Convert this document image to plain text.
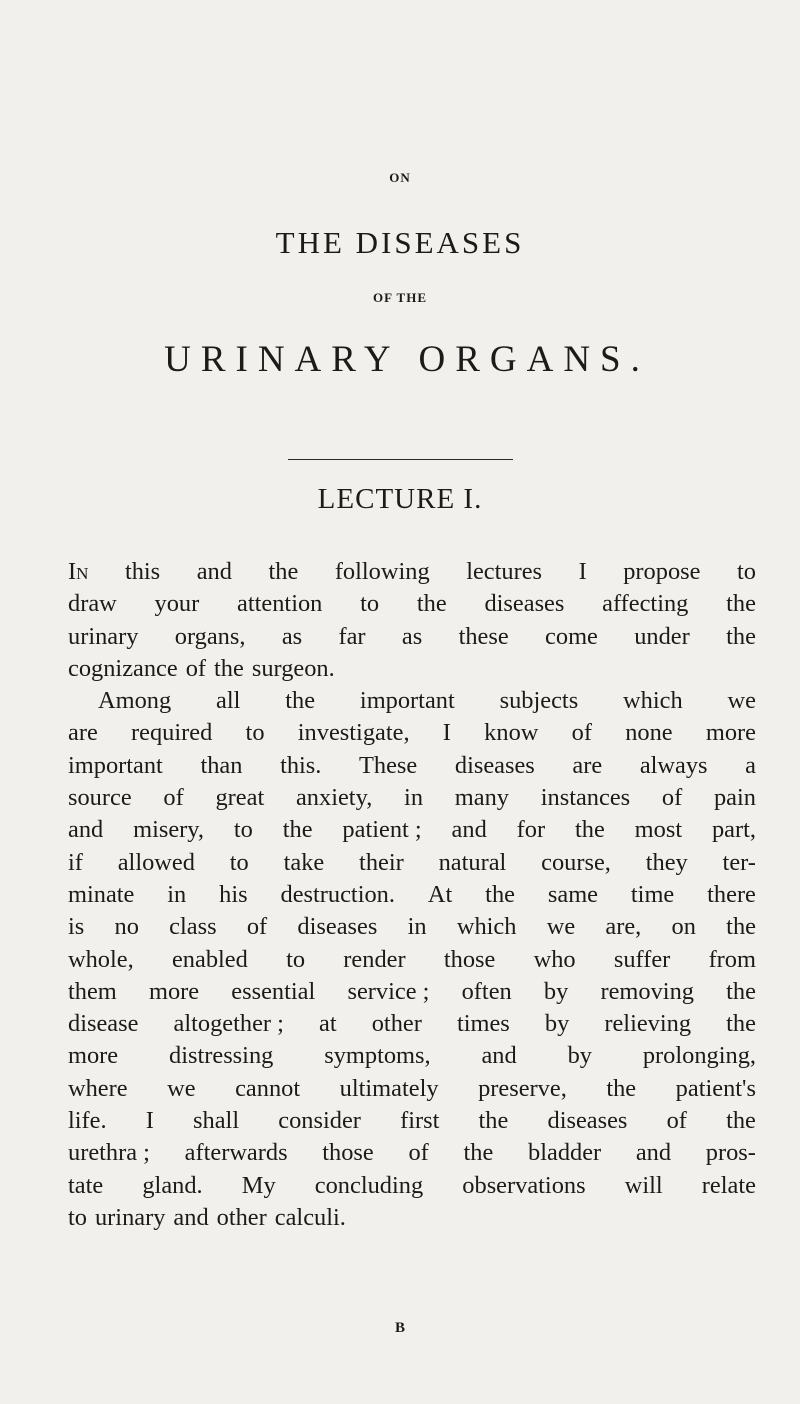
ON
THE DISEASES
OF THE
URINARY ORGANS.
LECTURE I.
In this and the following lectures I propose to
draw your attention to the diseases affecting the
urinary organs, as far as these come under the
cognizance of the surgeon.
Among all the important subjects which we
are required to investigate, I know of none more
important than this. These diseases are always a
source of great anxiety, in many instances of pain
and misery, to the patient ; and for the most part,
if allowed to take their natural course, they ter-
minate in his destruction. At the same time there
is no class of diseases in which we are, on the
whole, enabled to render those who suffer from
them more essential service ; often by removing the
disease altogether ; at other times by relieving the
more distressing symptoms, and by prolonging,
where we cannot ultimately preserve, the patient's
life. I shall consider first the diseases of the
urethra ; afterwards those of the bladder and pros-
tate gland. My concluding observations will relate
to urinary and other calculi.
B
